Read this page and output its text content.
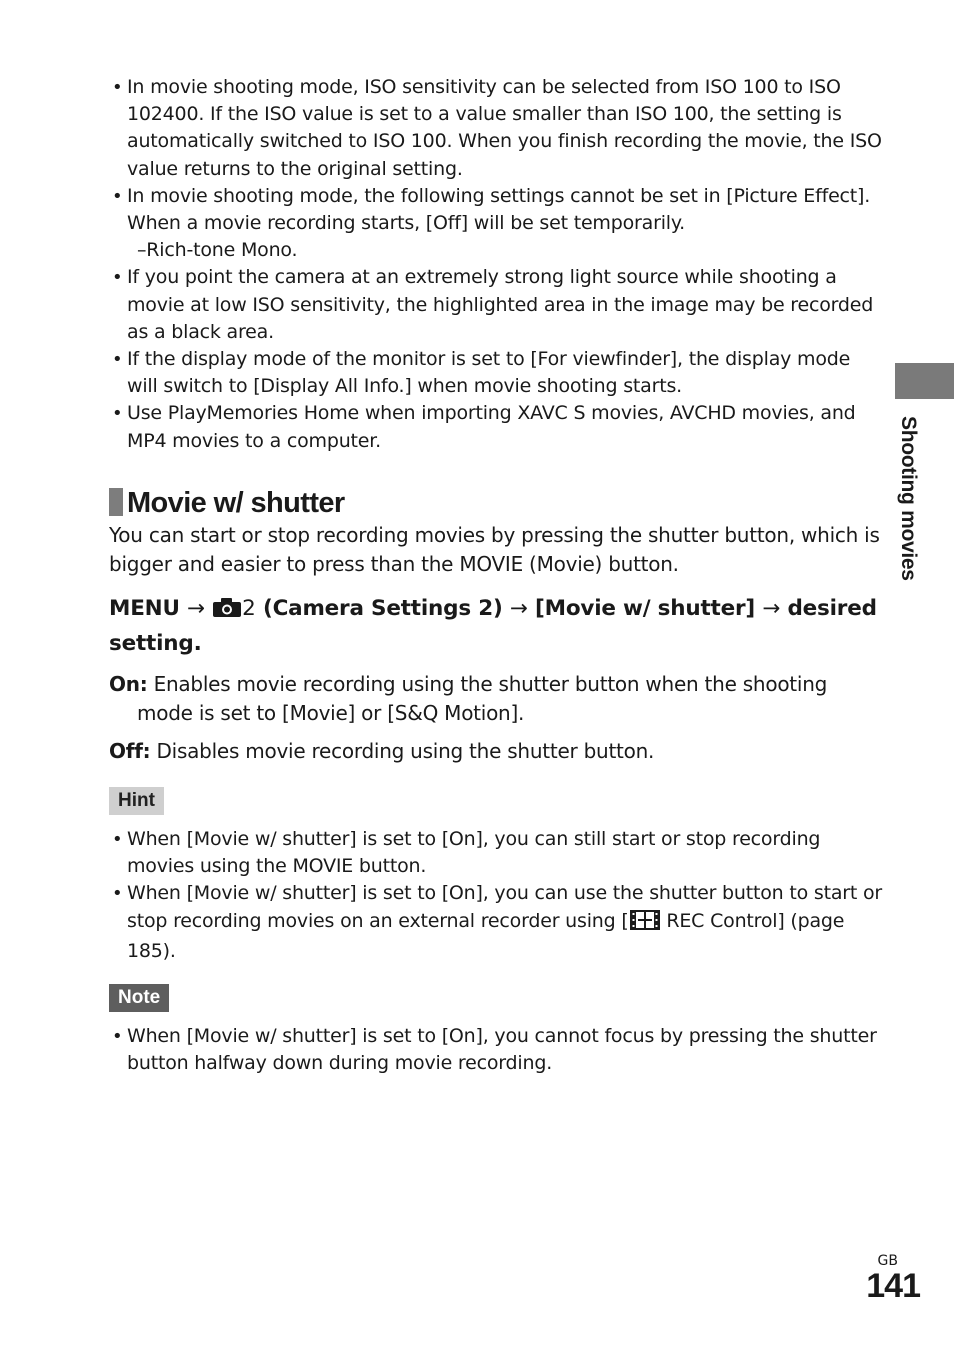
• In movie shooting mode, ISO sensitivity can be selected from ISO 100 to ISO 102400. If the ISO value is set to a value smaller than ISO 100, the setting is automatically switched to ISO 100. When you finish recording the movie, the ISO value returns to the original setting.
• In movie shooting mode, the following settings cannot be set in [Picture Effect]. When a movie recording starts, [Off] will be set temporarily.
–Rich-tone Mono.
• If you point the camera at an extremely strong light source while shooting a movie at low ISO sensitivity, the highlighted area in the image may be recorded as a black area.
• If the display mode of the monitor is set to [For viewfinder], the display mode will switch to [Display All Info.] when movie shooting starts.
• Use PlayMemories Home when importing XAVC S movies, AVCHD movies, and MP4 movies to a computer.
Movie w/ shutter

You can start or stop recording movies by pressing the shutter button, which is bigger and easier to press than the MOVIE (Movie) button.

MENU → 2 (Camera Settings 2) → [Movie w/ shutter] → desired setting.

On: Enables movie recording using the shutter button when the shooting
mode is set to [Movie] or [S&Q Motion].

Off: Disables movie recording using the shutter button.

Hint
• When [Movie w/ shutter] is set to [On], you can still start or stop recording movies using the MOVIE button.
• When [Movie w/ shutter] is set to [On], you can use the shutter button to start or stop recording movies on an external recorder using [ REC Control] (page 185).
Note
• When [Movie w/ shutter] is set to [On], you cannot focus by pressing the shutter button halfway down during movie recording.
Shooting movies
GB
141
